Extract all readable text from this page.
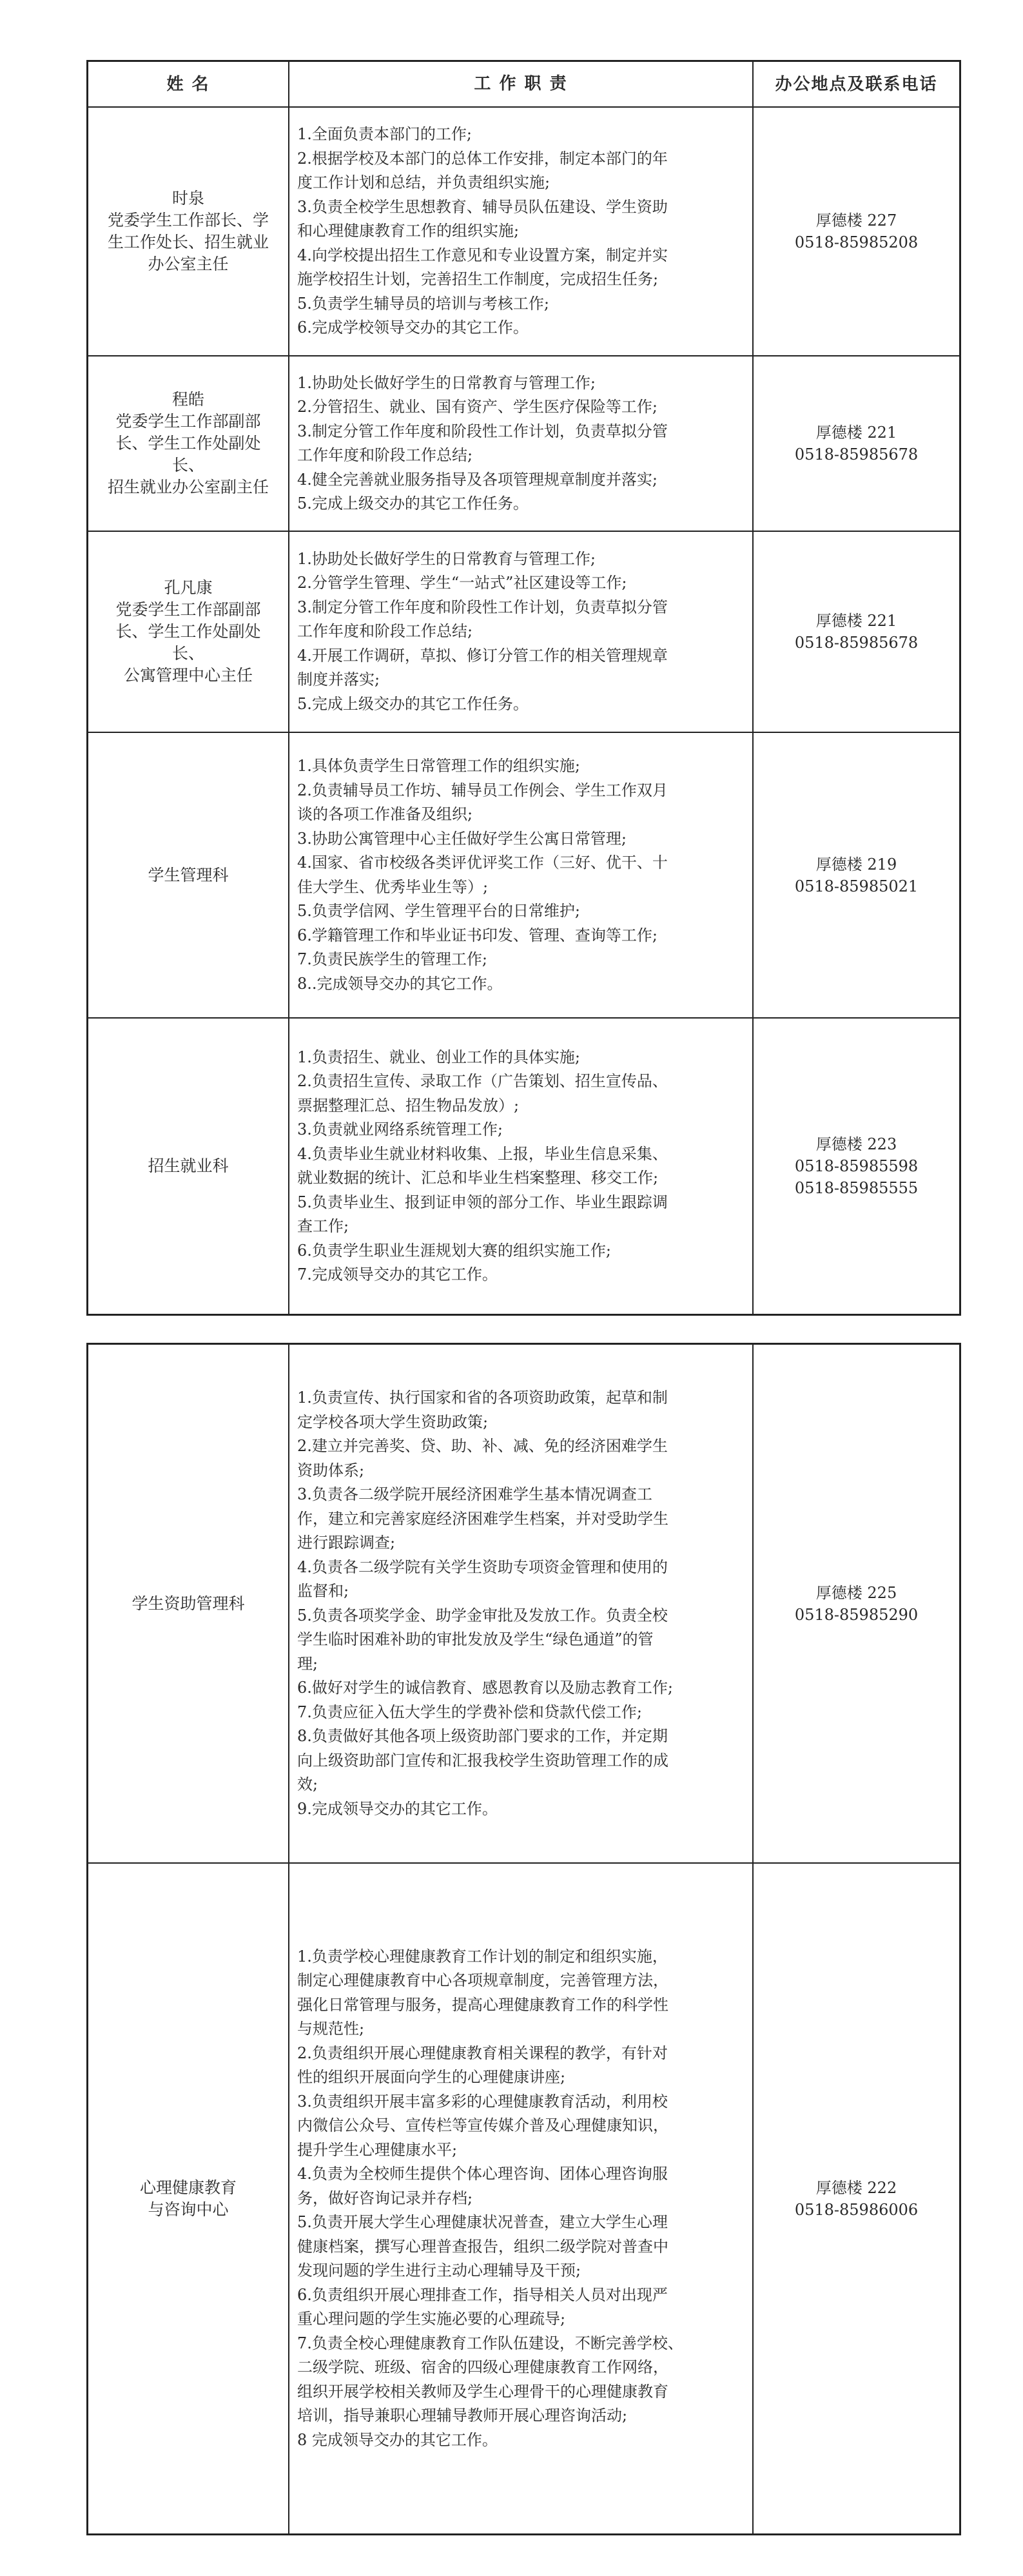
姓 名	工 作 职 责	办公地点及联系电话
时泉
党委学生工作部长、学
生工作处长、招生就业
办公室主任
1.全面负责本部门的工作;
2.根据学校及本部门的总体工作安排，制定本部门的年
度工作计划和总结，并负责组织实施;
3.负责全校学生思想教育、辅导员队伍建设、学生资助
和心理健康教育工作的组织实施;
4.向学校提出招生工作意见和专业设置方案，制定并实
施学校招生计划，完善招生工作制度，完成招生任务;
5.负责学生辅导员的培训与考核工作;
6.完成学校领导交办的其它工作。
厚德楼 227
0518-85985208
程皓
党委学生工作部副部
长、学生工作处副处长、
招生就业办公室副主任
1.协助处长做好学生的日常教育与管理工作;
2.分管招生、就业、国有资产、学生医疗保险等工作;
3.制定分管工作年度和阶段性工作计划，负责草拟分管
工作年度和阶段工作总结;
4.健全完善就业服务指导及各项管理规章制度并落实;
5.完成上级交办的其它工作任务。
厚德楼 221
0518-85985678
孔凡康
党委学生工作部副部
长、学生工作处副处长、
公寓管理中心主任
1.协助处长做好学生的日常教育与管理工作;
2.分管学生管理、学生“一站式”社区建设等工作;
3.制定分管工作年度和阶段性工作计划，负责草拟分管
工作年度和阶段工作总结;
4.开展工作调研，草拟、修订分管工作的相关管理规章
制度并落实;
5.完成上级交办的其它工作任务。
厚德楼 221
0518-85985678
学生管理科
1.具体负责学生日常管理工作的组织实施;
2.负责辅导员工作坊、辅导员工作例会、学生工作双月
谈的各项工作准备及组织;
3.协助公寓管理中心主任做好学生公寓日常管理;
4.国家、省市校级各类评优评奖工作（三好、优干、十
佳大学生、优秀毕业生等）;
5.负责学信网、学生管理平台的日常维护;
6.学籍管理工作和毕业证书印发、管理、查询等工作;
7.负责民族学生的管理工作;
8..完成领导交办的其它工作。
厚德楼 219
0518-85985021
招生就业科
1.负责招生、就业、创业工作的具体实施;
2.负责招生宣传、录取工作（广告策划、招生宣传品、
票据整理汇总、招生物品发放）;
3.负责就业网络系统管理工作;
4.负责毕业生就业材料收集、上报，毕业生信息采集、
就业数据的统计、汇总和毕业生档案整理、移交工作;
5.负责毕业生、报到证申领的部分工作、毕业生跟踪调
查工作;
6.负责学生职业生涯规划大赛的组织实施工作;
7.完成领导交办的其它工作。
厚德楼 223
0518-85985598
0518-85985555
学生资助管理科
1.负责宣传、执行国家和省的各项资助政策，起草和制
定学校各项大学生资助政策;
2.建立并完善奖、贷、助、补、减、免的经济困难学生
资助体系;
3.负责各二级学院开展经济困难学生基本情况调查工
作，建立和完善家庭经济困难学生档案，并对受助学生
进行跟踪调查;
4.负责各二级学院有关学生资助专项资金管理和使用的
监督和;
5.负责各项奖学金、助学金审批及发放工作。负责全校
学生临时困难补助的审批发放及学生“绿色通道”的管
理;
6.做好对学生的诚信教育、感恩教育以及励志教育工作;
7.负责应征入伍大学生的学费补偿和贷款代偿工作;
8.负责做好其他各项上级资助部门要求的工作，并定期
向上级资助部门宣传和汇报我校学生资助管理工作的成
效;
9.完成领导交办的其它工作。
厚德楼 225
0518-85985290
心理健康教育
与咨询中心
1.负责学校心理健康教育工作计划的制定和组织实施，
制定心理健康教育中心各项规章制度，完善管理方法，
强化日常管理与服务，提高心理健康教育工作的科学性
与规范性;
2.负责组织开展心理健康教育相关课程的教学，有针对
性的组织开展面向学生的心理健康讲座;
3.负责组织开展丰富多彩的心理健康教育活动，利用校
内微信公众号、宣传栏等宣传媒介普及心理健康知识，
提升学生心理健康水平;
4.负责为全校师生提供个体心理咨询、团体心理咨询服
务，做好咨询记录并存档;
5.负责开展大学生心理健康状况普查，建立大学生心理
健康档案，撰写心理普查报告，组织二级学院对普查中
发现问题的学生进行主动心理辅导及干预;
6.负责组织开展心理排查工作，指导相关人员对出现严
重心理问题的学生实施必要的心理疏导;
7.负责全校心理健康教育工作队伍建设，不断完善学校、
二级学院、班级、宿舍的四级心理健康教育工作网络，
组织开展学校相关教师及学生心理骨干的心理健康教育
培训，指导兼职心理辅导教师开展心理咨询活动;
8 完成领导交办的其它工作。
厚德楼 222
0518-85986006
